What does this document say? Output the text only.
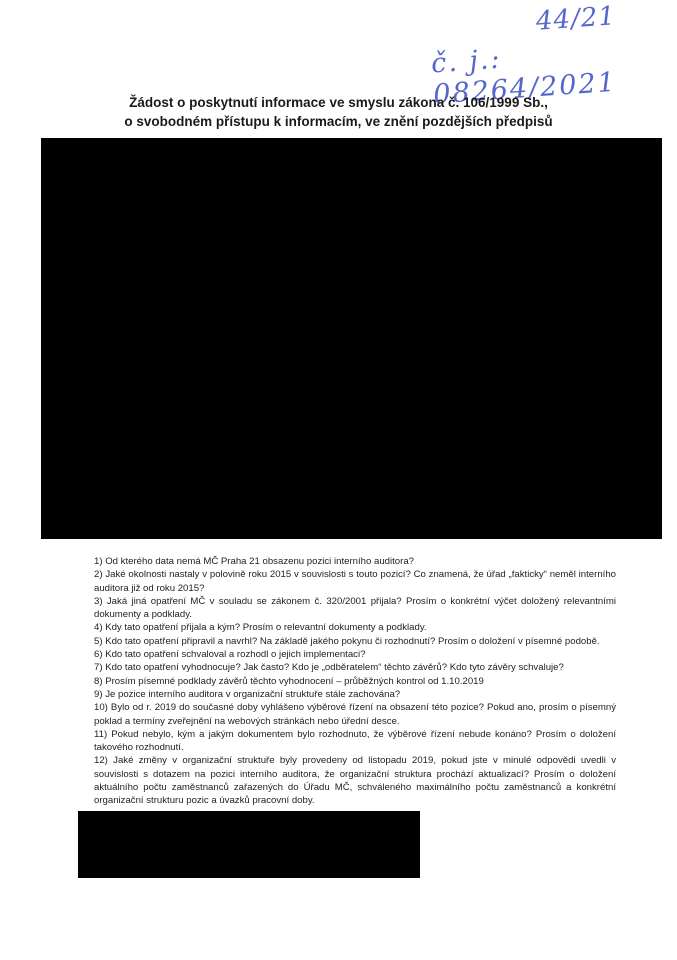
44/21
č. j.: 08264/2021
Žádost o poskytnutí informace ve smyslu zákona č. 106/1999 Sb.,
o svobodném přístupu k informacím, ve znění pozdějších předpisů

1) Od kterého data nemá MČ Praha 21 obsazenu pozici interního auditora?

2) Jaké okolnosti nastaly v polovině roku 2015 v souvislosti s touto pozicí? Co znamená, že úřad „fakticky“ neměl interního auditora již od roku 2015?

3) Jaká jiná opatření MČ v souladu se zákonem č. 320/2001 přijala? Prosím o konkrétní výčet doložený relevantními dokumenty a podklady.

4) Kdy tato opatření přijala a kým? Prosím o relevantní dokumenty a podklady.

5) Kdo tato opatření připravil a navrhl? Na základě jakého pokynu či rozhodnutí? Prosím o doložení v písemné podobě.

6) Kdo tato opatření schvaloval a rozhodl o jejich implementaci?

7) Kdo tato opatření vyhodnocuje? Jak často? Kdo je „odběratelem“ těchto závěrů? Kdo tyto závěry schvaluje?

8) Prosím písemné podklady závěrů těchto vyhodnocení – průběžných kontrol od 1.10.2019

9) Je pozice interního auditora v organizační struktuře stále zachována?

10) Bylo od r. 2019 do současné doby vyhlášeno výběrové řízení na obsazení této pozice? Pokud ano, prosím o písemný poklad a termíny zveřejnění na webových stránkách nebo úřední desce.

11) Pokud nebylo, kým a jakým dokumentem bylo rozhodnuto, že výběrové řízení nebude konáno? Prosím o doložení takového rozhodnutí.

12) Jaké změny v organizační struktuře byly provedeny od listopadu 2019, pokud jste v minulé odpovědi uvedli v souvislosti s dotazem na pozici interního auditora, že organizační struktura prochází aktualizací? Prosím o doložení aktuálního počtu zaměstnanců zařazených do Úřadu MČ, schváleného maximálního počtu zaměstnanců a konkrétní organizační strukturu pozic a úvazků pracovní doby.
